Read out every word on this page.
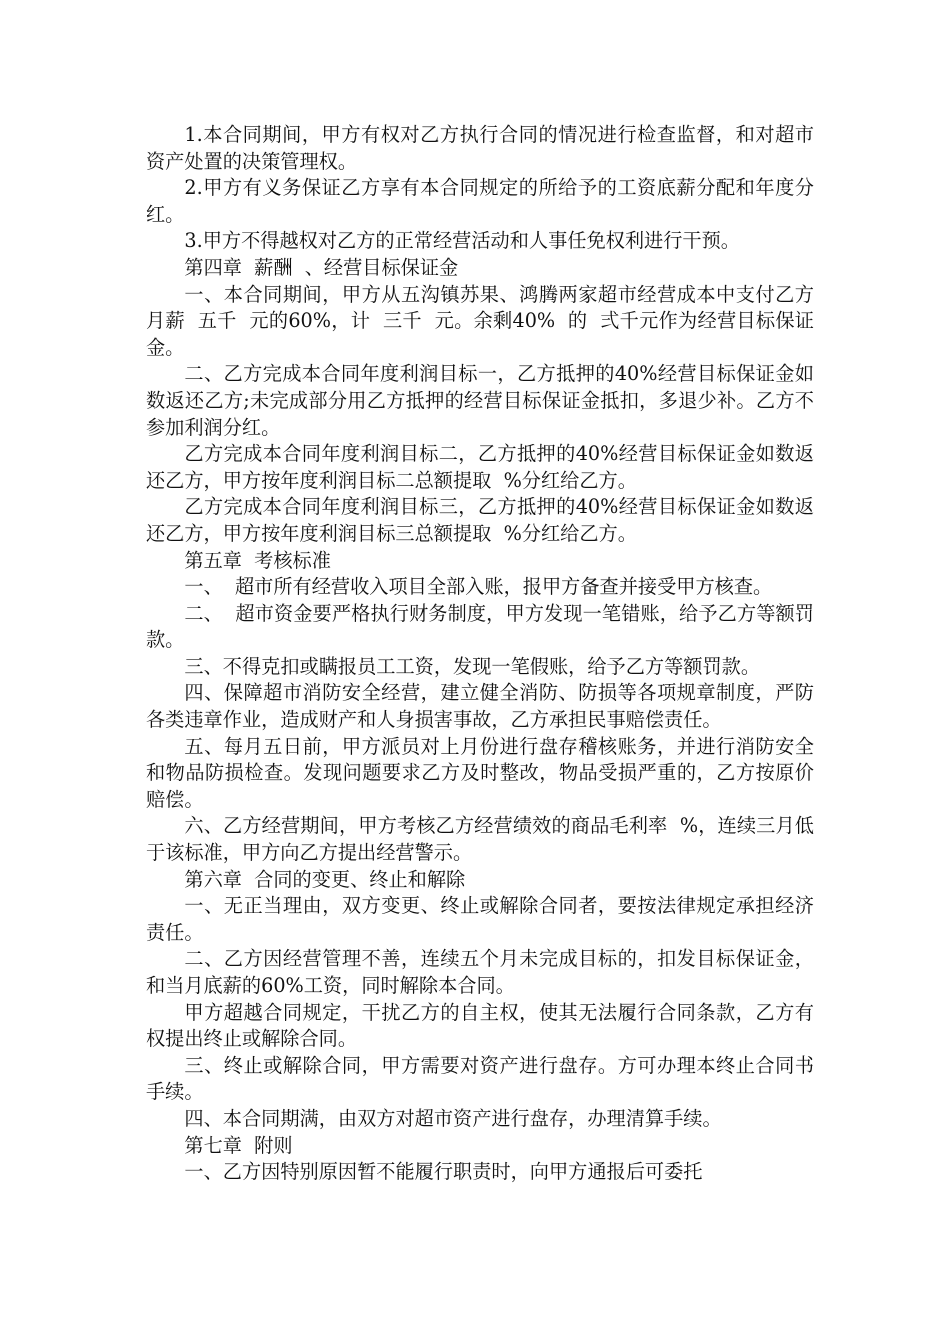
1.本合同期间，甲方有权对乙方执行合同的情况进行检查监督，和对超市资产处置的决策管理权。

2.甲方有义务保证乙方享有本合同规定的所给予的工资底薪分配和年度分红。

3.甲方不得越权对乙方的正常经营活动和人事任免权利进行干预。

第四章  薪酬  、经营目标保证金

一、本合同期间，甲方从五沟镇苏果、鸿腾两家超市经营成本中支付乙方月薪  五千  元的60%，计  三千  元。余剩40%  的  弍千元作为经营目标保证金。

二、乙方完成本合同年度利润目标一，乙方抵押的40%经营目标保证金如数返还乙方;未完成部分用乙方抵押的经营目标保证金抵扣，多退少补。乙方不参加利润分红。

乙方完成本合同年度利润目标二，乙方抵押的40%经营目标保证金如数返还乙方，甲方按年度利润目标二总额提取  %分红给乙方。

乙方完成本合同年度利润目标三，乙方抵押的40%经营目标保证金如数返还乙方，甲方按年度利润目标三总额提取  %分红给乙方。

第五章  考核标准

一、  超市所有经营收入项目全部入账，报甲方备查并接受甲方核查。

二、  超市资金要严格执行财务制度，甲方发现一笔错账，给予乙方等额罚款。

三、不得克扣或瞒报员工工资，发现一笔假账，给予乙方等额罚款。

四、保障超市消防安全经营，建立健全消防、防损等各项规章制度，严防各类违章作业，造成财产和人身损害事故，乙方承担民事赔偿责任。

五、每月五日前，甲方派员对上月份进行盘存稽核账务，并进行消防安全和物品防损检查。发现问题要求乙方及时整改，物品受损严重的，乙方按原价赔偿。

六、乙方经营期间，甲方考核乙方经营绩效的商品毛利率  %，连续三月低于该标准，甲方向乙方提出经营警示。

第六章  合同的变更、终止和解除

一、无正当理由，双方变更、终止或解除合同者，要按法律规定承担经济责任。

二、乙方因经营管理不善，连续五个月未完成目标的，扣发目标保证金，和当月底薪的60%工资，同时解除本合同。

甲方超越合同规定，干扰乙方的自主权，使其无法履行合同条款，乙方有权提出终止或解除合同。

三、终止或解除合同，甲方需要对资产进行盘存。方可办理本终止合同书手续。

四、本合同期满，由双方对超市资产进行盘存，办理清算手续。

第七章  附则

一、乙方因特别原因暂不能履行职责时，向甲方通报后可委托
